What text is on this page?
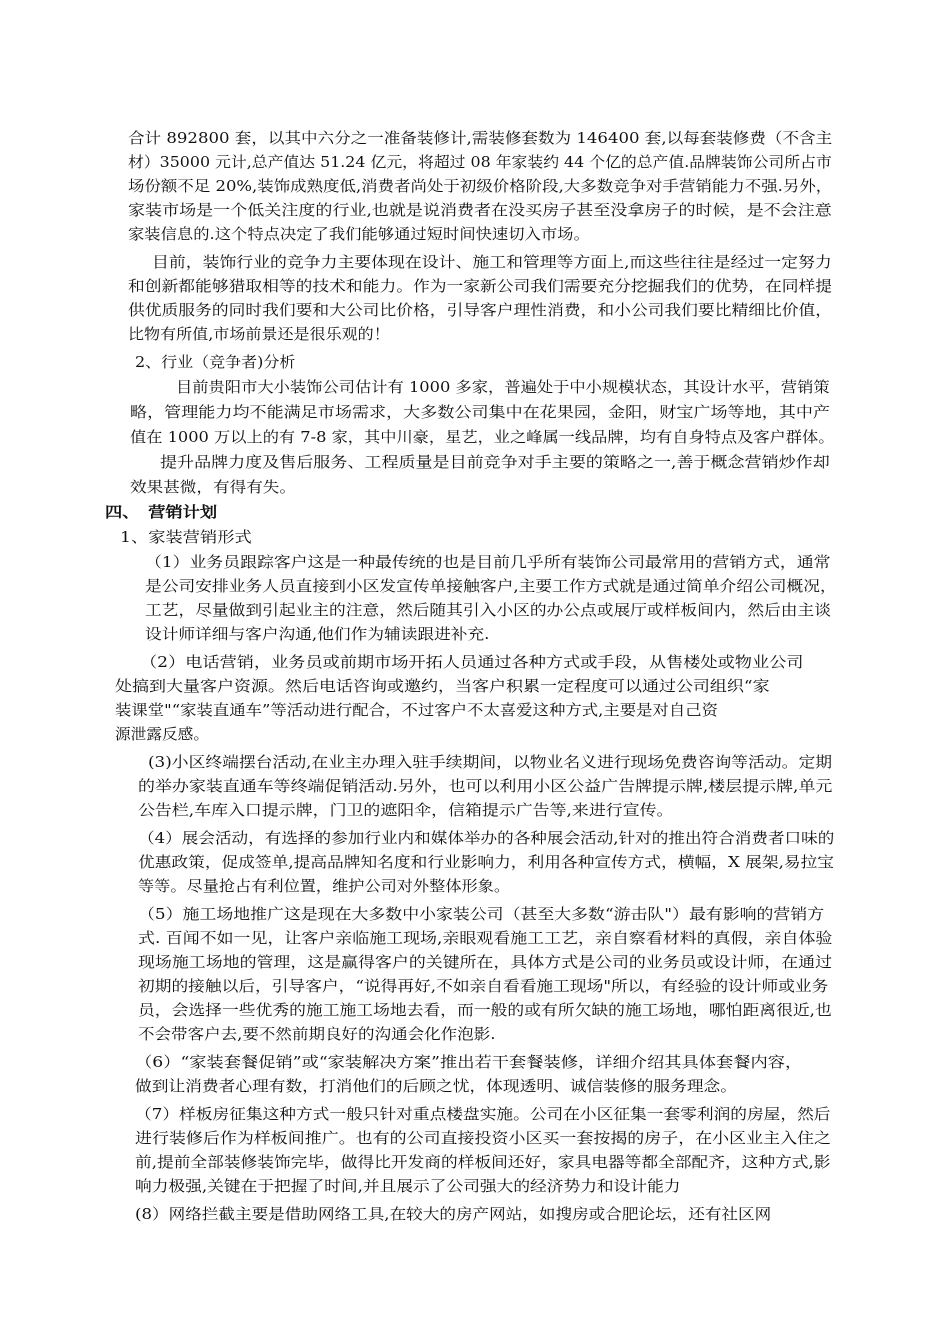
合计 892800 套，以其中六分之一准备装修计,需装修套数为 146400 套,以每套装修费（不含主
材）35000 元计,总产值达 51.24 亿元，将超过 08 年家装约 44 个亿的总产值.品牌装饰公司所占市
场份额不足 20%,装饰成熟度低,消费者尚处于初级价格阶段,大多数竞争对手营销能力不强.另外，
家装市场是一个低关注度的行业,也就是说消费者在没买房子甚至没拿房子的时候，是不会注意
家装信息的.这个特点决定了我们能够通过短时间快速切入市场。
目前，装饰行业的竞争力主要体现在设计、施工和管理等方面上,而这些往往是经过一定努力
和创新都能够猎取相等的技术和能力。作为一家新公司我们需要充分挖掘我们的优势，在同样提
供优质服务的同时我们要和大公司比价格，引导客户理性消费，和小公司我们要比精细比价值，
比物有所值,市场前景还是很乐观的！
2、行业（竞争者)分析
目前贵阳市大小装饰公司估计有 1000 多家，普遍处于中小规模状态，其设计水平，营销策
略，管理能力均不能满足市场需求，大多数公司集中在花果园，金阳，财宝广场等地，其中产
值在 1000 万以上的有 7-8 家，其中川豪，星艺，业之峰属一线品牌，均有自身特点及客户群体。
提升品牌力度及售后服务、工程质量是目前竞争对手主要的策略之一,善于概念营销炒作却
效果甚微，有得有失。
四、　营销计划
1、家装营销形式
（1）业务员跟踪客户这是一种最传统的也是目前几乎所有装饰公司最常用的营销方式，通常
是公司安排业务人员直接到小区发宣传单接触客户,主要工作方式就是通过简单介绍公司概况，
工艺，尽量做到引起业主的注意，然后随其引入小区的办公点或展厅或样板间内，然后由主谈
设计师详细与客户沟通,他们作为辅读跟进补充.
（2）电话营销，业务员或前期市场开拓人员通过各种方式或手段，从售楼处或物业公司
处搞到大量客户资源。然后电话咨询或邀约，当客户积累一定程度可以通过公司组织“家
装课堂"“家装直通车”等活动进行配合，不过客户不太喜爱这种方式,主要是对自己资
源泄露反感。
(3)小区终端摆台活动,在业主办理入驻手续期间，以物业名义进行现场免费咨询等活动。定期
的举办家装直通车等终端促销活动.另外，也可以利用小区公益广告牌提示牌,楼层提示牌,单元
公告栏,车库入口提示牌，门卫的遮阳伞，信箱提示广告等,来进行宣传。
（4）展会活动，有选择的参加行业内和媒体举办的各种展会活动,针对的推出符合消费者口味的
优惠政策，促成签单,提高品牌知名度和行业影响力，利用各种宣传方式，横幅，X 展架,易拉宝
等等。尽量抢占有利位置，维护公司对外整体形象。
（5）施工场地推广这是现在大多数中小家装公司（甚至大多数“游击队"）最有影响的营销方
式. 百闻不如一见，让客户亲临施工现场,亲眼观看施工工艺，亲自察看材料的真假，亲自体验
现场施工场地的管理，这是赢得客户的关键所在，具体方式是公司的业务员或设计师，在通过
初期的接触以后，引导客户，“说得再好,不如亲自看看施工现场"所以，有经验的设计师或业务
员，会选择一些优秀的施工施工场地去看，而一般的或有所欠缺的施工场地，哪怕距离很近,也
不会带客户去,要不然前期良好的沟通会化作泡影.
（6）“家装套餐促销”或“家装解决方案”推出若干套餐装修，详细介绍其具体套餐内容，
做到让消费者心理有数，打消他们的后顾之忧，体现透明、诚信装修的服务理念。
（7）样板房征集这种方式一般只针对重点楼盘实施。公司在小区征集一套零利润的房屋，然后
进行装修后作为样板间推广。也有的公司直接投资小区买一套按揭的房子，在小区业主入住之
前,提前全部装修装饰完毕，做得比开发商的样板间还好，家具电器等都全部配齐，这种方式,影
响力极强,关键在于把握了时间,并且展示了公司强大的经济势力和设计能力
(8）网络拦截主要是借助网络工具,在较大的房产网站，如搜房或合肥论坛，还有社区网
